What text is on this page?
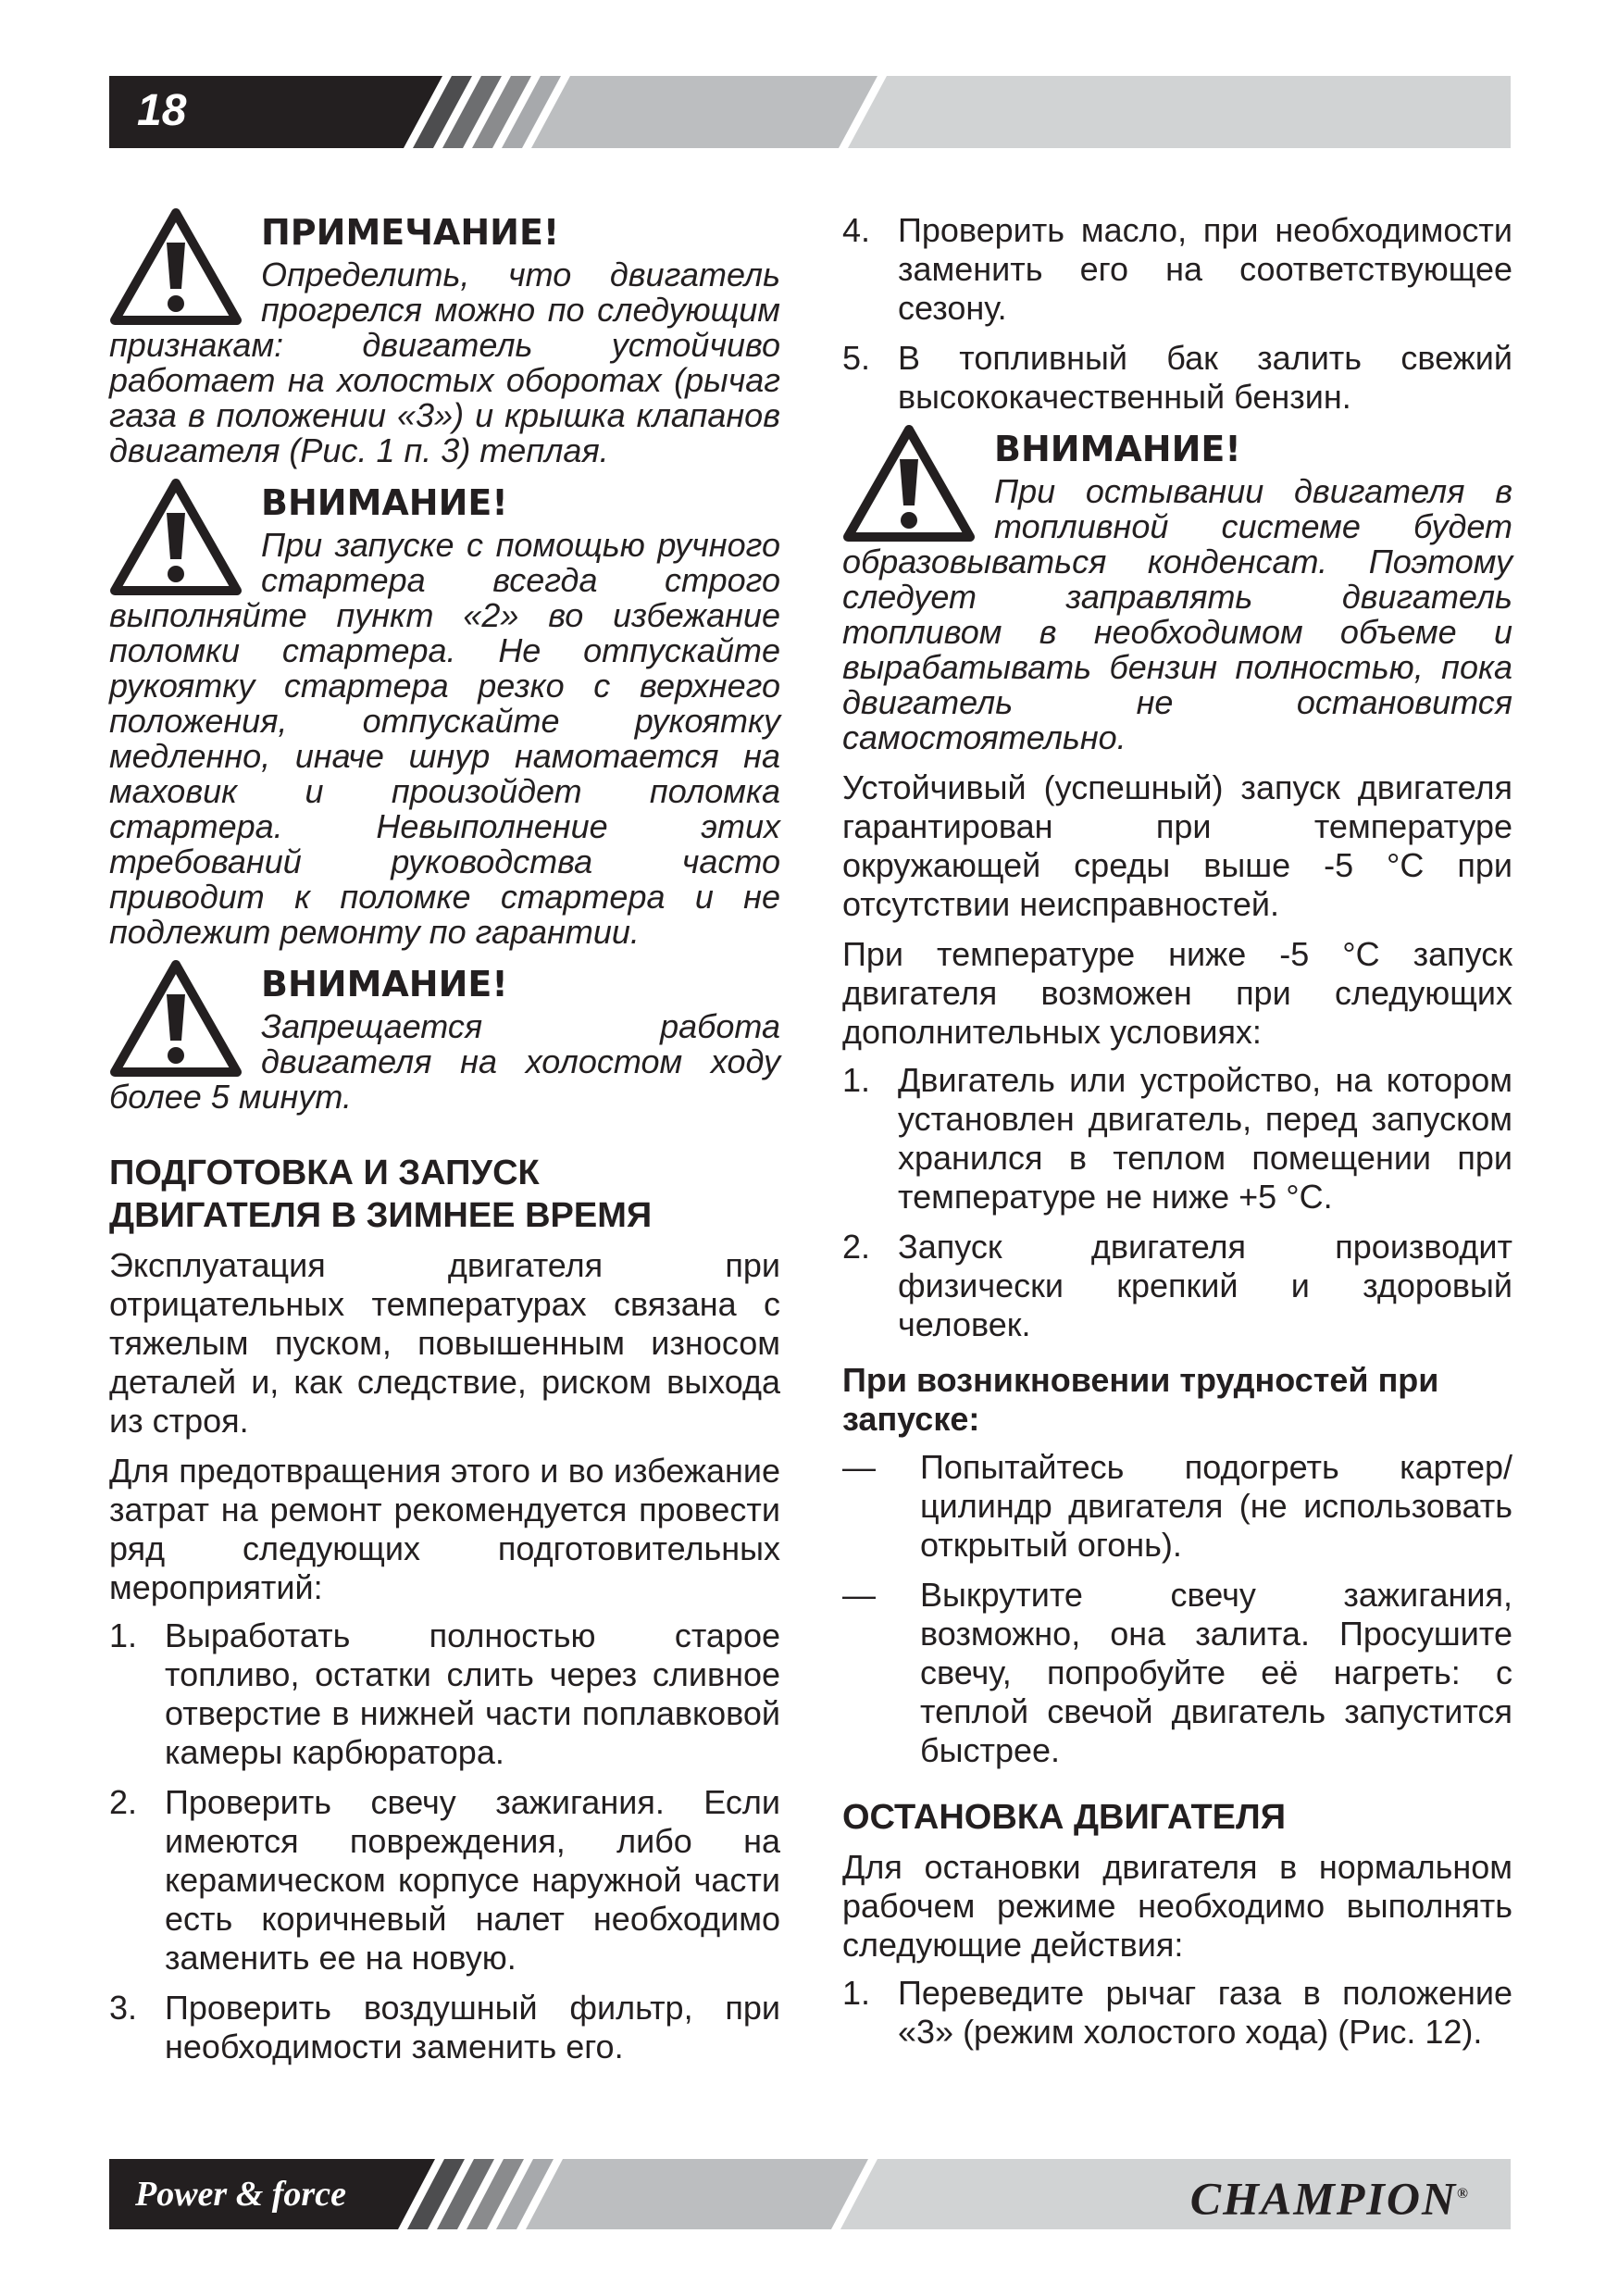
18
ПРИМЕЧАНИЕ!

Определить, что двигатель прогрелся можно по следующим признакам: двигатель устойчиво работает на холостых оборотах (рычаг газа в положении «3») и крышка клапанов двигателя (Рис. 1 п. 3) теплая.

ВНИМАНИЕ!

При запуске с помощью ручного стартера всегда строго выполняйте пункт «2» во избежание поломки стартера. Не отпускайте рукоятку стартера резко с верхнего положения, отпускайте рукоятку медленно, иначе шнур намотается на маховик и произойдет поломка стартера. Невыполнение этих требований руководства часто приводит к поломке стартера и не подлежит ремонту по гарантии.

ВНИМАНИЕ!

Запрещается работа двигателя на холостом ходу более 5 минут.

ПОДГОТОВКА И ЗАПУСК
ДВИГАТЕЛЯ В ЗИМНЕЕ ВРЕМЯ

Эксплуатация двигателя при отрицательных температурах связана с тяжелым пуском, повышенным износом деталей и, как следствие, риском выхода из строя.

Для предотвращения этого и во избежание затрат на ремонт рекомендуется провести ряд следующих подготовительных мероприятий:

1. Выработать полностью старое топливо, остатки слить через сливное отверстие в нижней части поплавковой камеры карбюратора.
2. Проверить свечу зажигания. Если имеются повреждения, либо на керамическом корпусе наружной части есть коричневый налет необходимо заменить ее на новую.
3. Проверить воздушный фильтр, при необходимости заменить его.
4. Проверить масло, при необходимости заменить его на соответствующее сезону.
5. В топливный бак залить свежий высококачественный бензин.
ВНИМАНИЕ!

При остывании двигателя в топливной системе будет образовываться конденсат. Поэтому следует заправлять двигатель топливом в необходимом объеме и вырабатывать бензин полностью, пока двигатель не остановится самостоятельно.

Устойчивый (успешный) запуск двигателя гарантирован при температуре окружающей среды выше -5 °С при отсутствии неисправностей.

При температуре ниже -5 °С запуск двигателя возможен при следующих дополнительных условиях:

1. Двигатель или устройство, на котором установлен двигатель, перед запуском хранился в теплом помещении при температуре не ниже +5 °С.
2. Запуск двигателя производит физически крепкий и здоровый человек.
При возникновении трудностей при запуске:
— Попытайтесь подогреть картер/цилиндр двигателя (не использовать открытый огонь).
— Выкрутите свечу зажигания, возможно, она залита. Просушите свечу, попробуйте её нагреть: с теплой свечой двигатель запустится быстрее.
ОСТАНОВКА ДВИГАТЕЛЯ

Для остановки двигателя в нормальном рабочем режиме необходимо выполнять следующие действия:

1. Переведите рычаг газа в положение «3» (режим холостого хода) (Рис. 12).
Power & force	CHAMPION®
